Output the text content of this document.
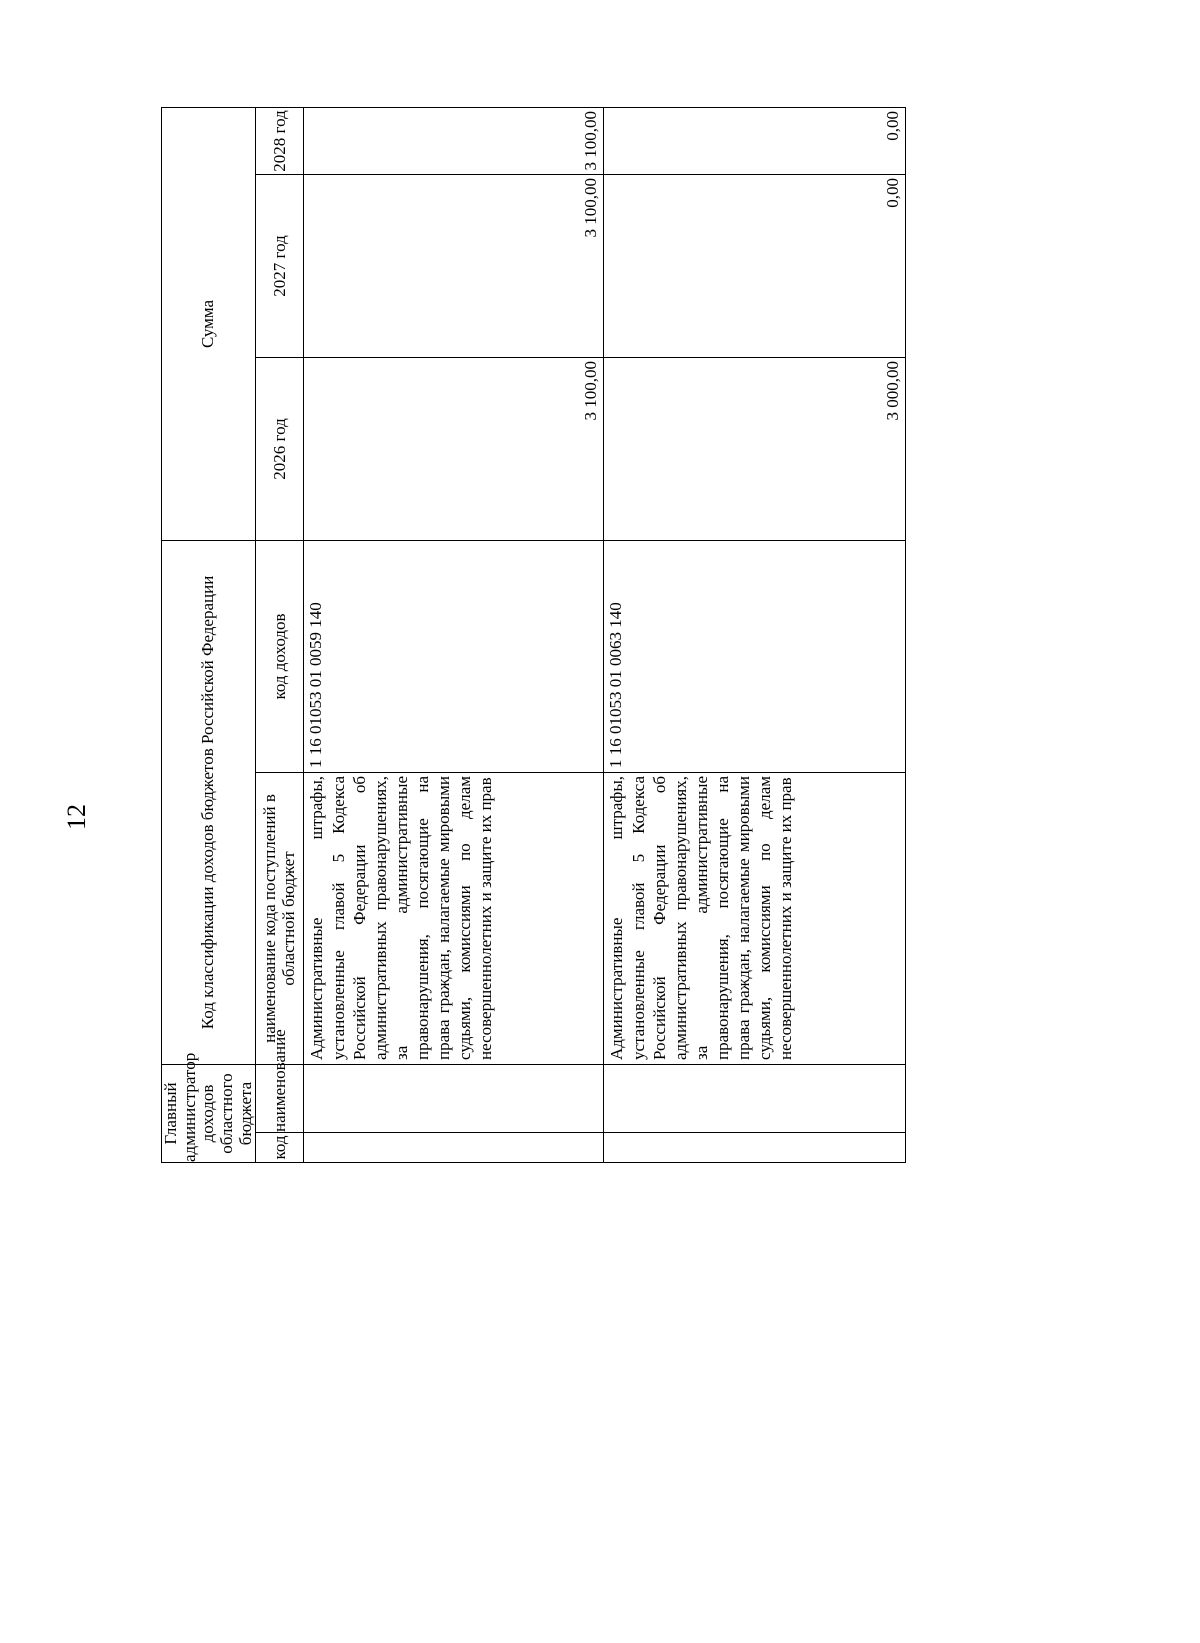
12
Главный администратор доходов областного бюджета		Код классификации доходов бюджетов Российской Федерации		Сумма		
код	наименование	наименование кода поступлений в областной бюджет	код доходов	2026 год	2027 год	2028 год
		Административные штрафы, установленные главой 5 Кодекса Российской Федерации об административных правонарушениях, за административные правонарушения, посягающие на права граждан, налагаемые мировыми судьями, комиссиями по делам несовершеннолетних и защите их прав	1 16 01053 01 0059 140	3 100,00	3 100,00	3 100,00
		Административные штрафы, установленные главой 5 Кодекса Российской Федерации об административных правонарушениях, за административные правонарушения, посягающие на права граждан, налагаемые мировыми судьями, комиссиями по делам несовершеннолетних и защите их прав	1 16 01053 01 0063 140	3 000,00	0,00	0,00
